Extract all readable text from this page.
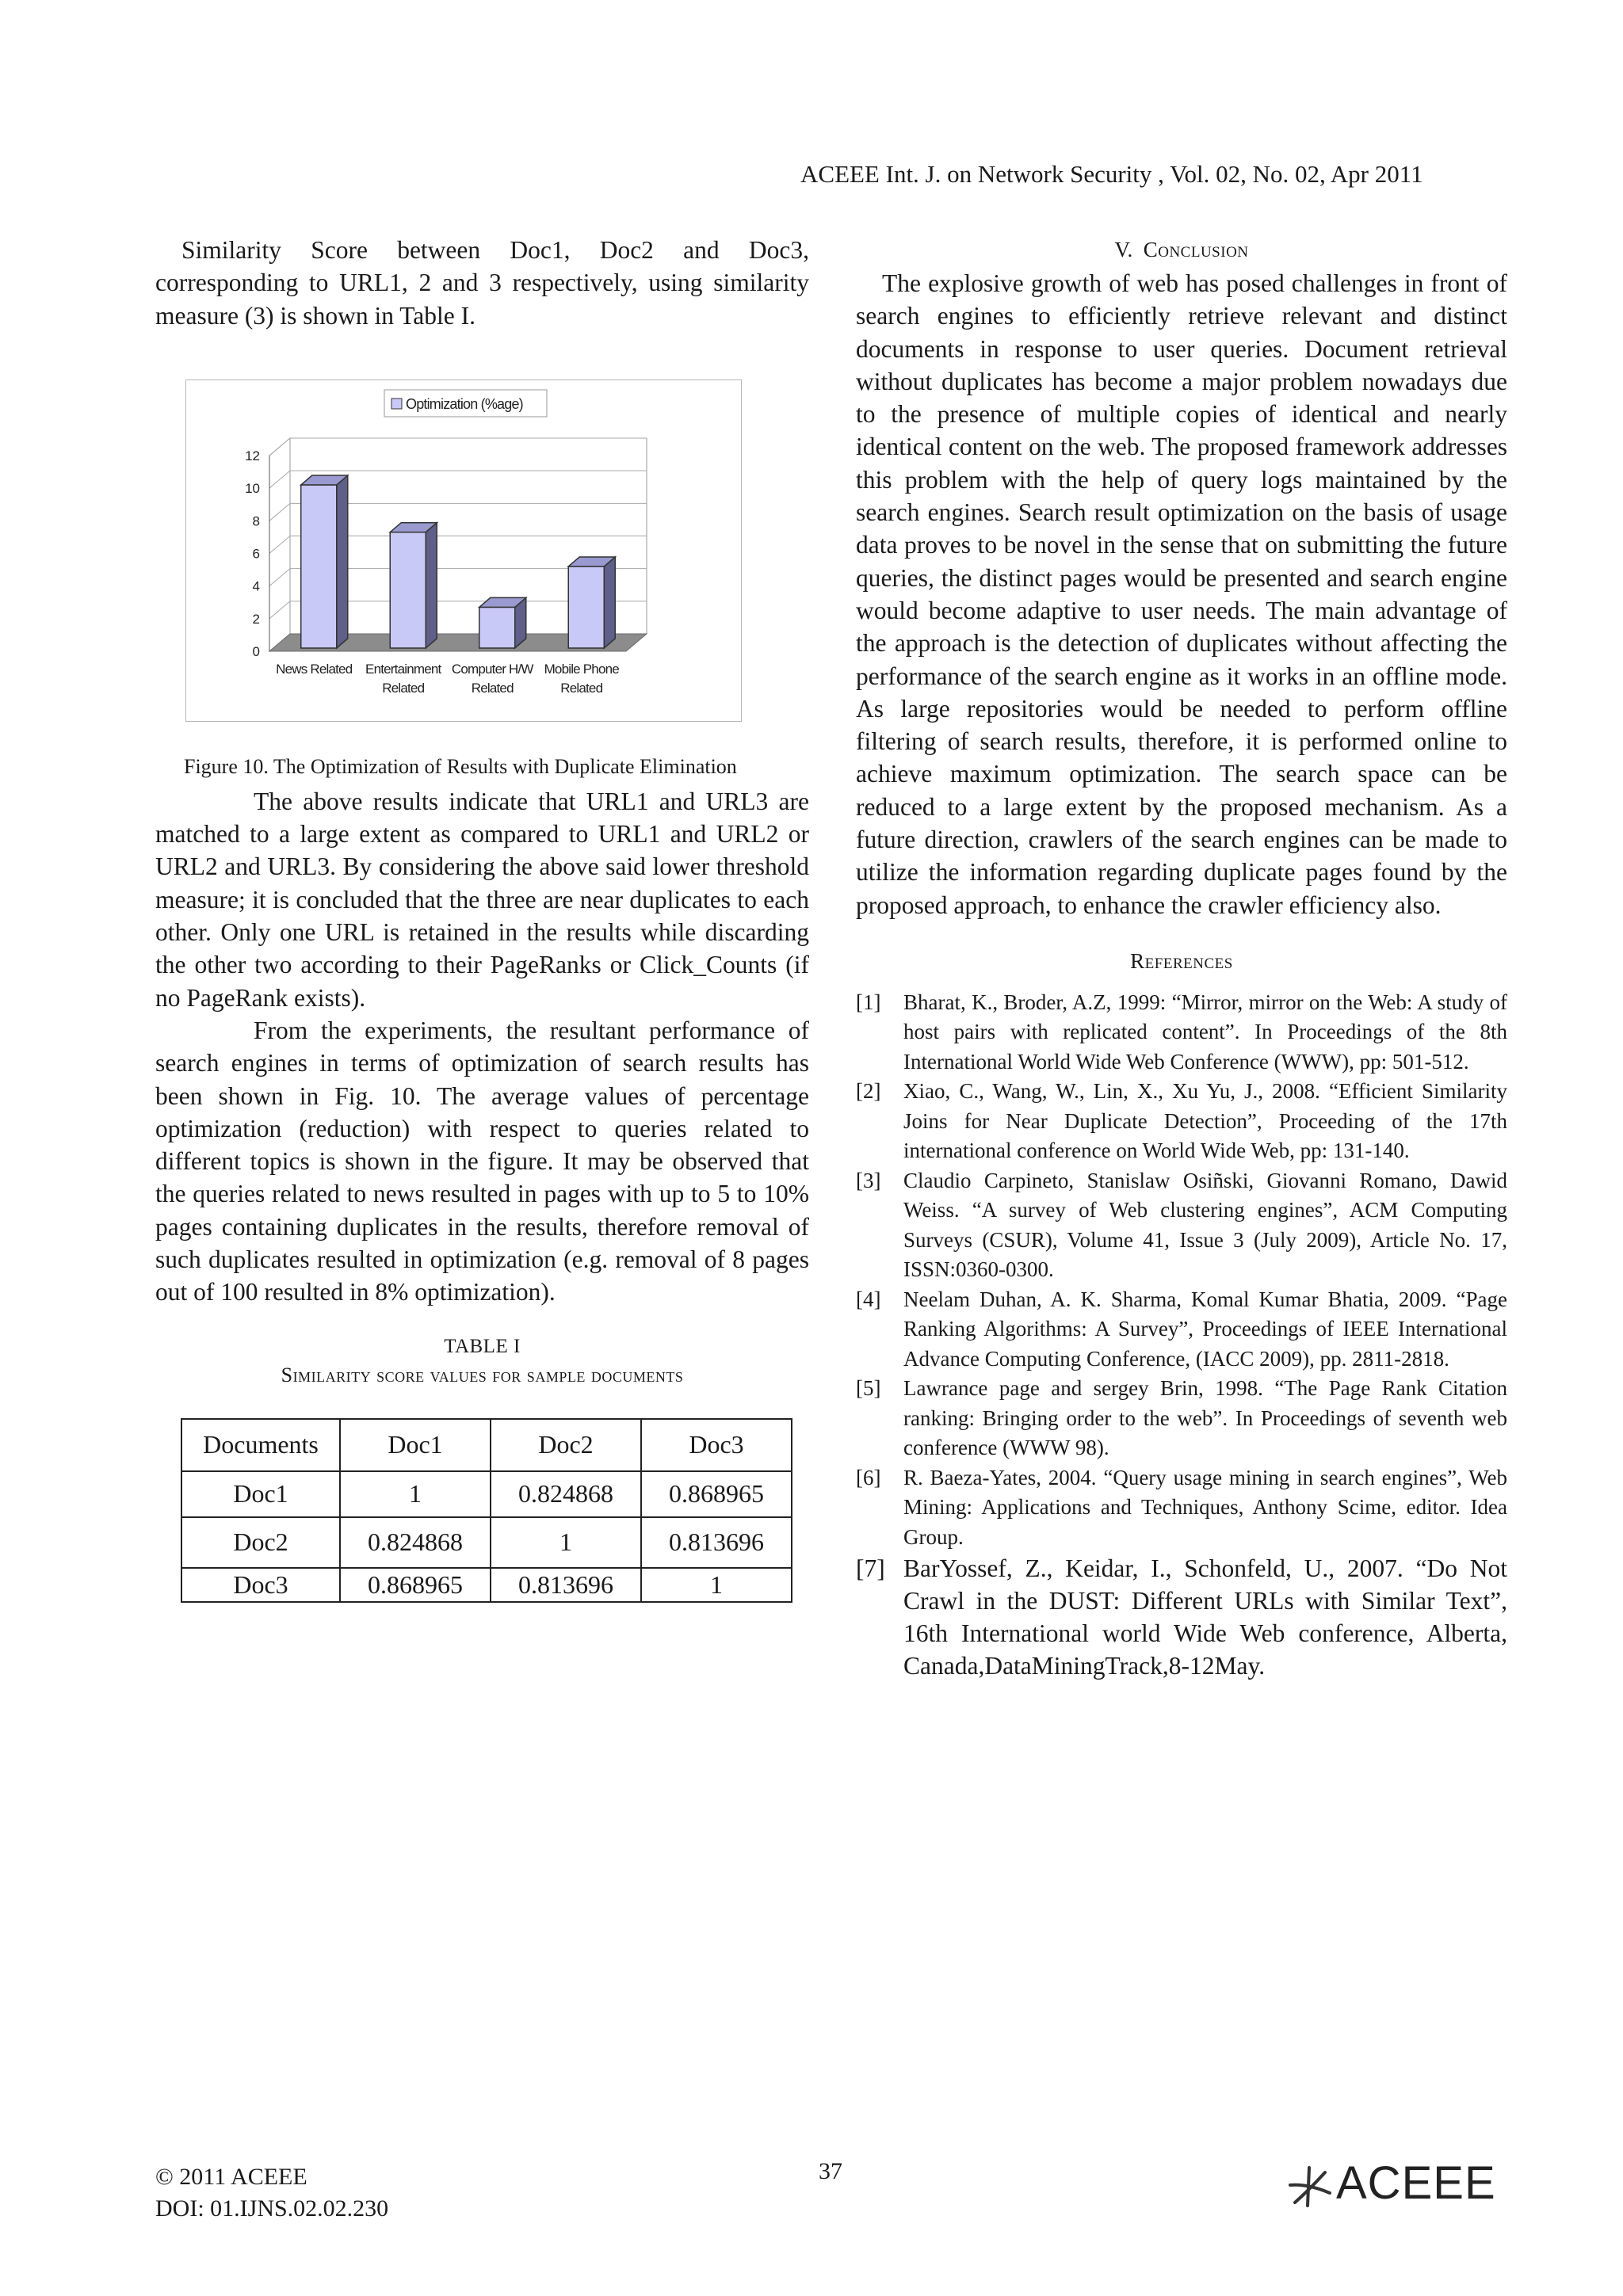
ACEEE Int. J. on Network Security , Vol. 02, No. 02, Apr 2011

Similarity Score between Doc1, Doc2 and Doc3, corresponding to URL1, 2 and 3 respectively, using similarity measure (3) is shown in Table I.

0
2
4
6
8
10
12
News Related Entertainment
Related
Computer H/W
Related
Mobile Phone
Related
Optimization (%age)
Figure 10. The Optimization of Results with Duplicate Elimination

The above results indicate that URL1 and URL3 are matched to a large extent as compared to URL1 and URL2 or URL2 and URL3. By considering the above said lower threshold measure; it is concluded that the three are near duplicates to each other. Only one URL is retained in the results while discarding the other two according to their PageRanks or Click_Counts (if no PageRank exists).

From the experiments, the resultant performance of search engines in terms of optimization of search results has been shown in Fig. 10. The average values of percentage optimization (reduction) with respect to queries related to different topics is shown in the figure. It may be observed that the queries related to news resulted in pages with up to 5 to 10% pages containing duplicates in the results, therefore removal of such duplicates resulted in optimization (e.g. removal of 8 pages out of 100 resulted in 8% optimization).

TABLE I
Similarity score values for sample documents
Documents	Doc1	Doc2	Doc3
Doc1	1	0.824868	0.868965
Doc2	0.824868	1	0.813696
Doc3	0.868965	0.813696	1
V. Conclusion

The explosive growth of web has posed challenges in front of search engines to efficiently retrieve relevant and distinct documents in response to user queries. Document retrieval without duplicates has become a major problem nowadays due to the presence of multiple copies of identical and nearly identical content on the web. The proposed framework addresses this problem with the help of query logs maintained by the search engines. Search result optimization on the basis of usage data proves to be novel in the sense that on submitting the future queries, the distinct pages would be presented and search engine would become adaptive to user needs. The main advantage of the approach is the detection of duplicates without affecting the performance of the search engine as it works in an offline mode. As large repositories would be needed to perform offline filtering of search results, therefore, it is performed online to achieve maximum optimization. The search space can be reduced to a large extent by the proposed mechanism. As a future direction, crawlers of the search engines can be made to utilize the information regarding duplicate pages found by the proposed approach, to enhance the crawler efficiency also.

References
[1]	Bharat, K., Broder, A.Z, 1999: “Mirror, mirror on the Web: A study of host pairs with replicated content”. In Proceedings of the 8th International World Wide Web Conference (WWW), pp: 501-512.
[2]	Xiao, C., Wang, W., Lin, X., Xu Yu, J., 2008. “Efficient Similarity Joins for Near Duplicate Detection”, Proceeding of the 17th international conference on World Wide Web, pp: 131-140.
[3]	Claudio Carpineto, Stanislaw Osiñski, Giovanni Romano, Dawid Weiss. “A survey of Web clustering engines”, ACM Computing Surveys (CSUR), Volume 41, Issue 3 (July 2009), Article No. 17, ISSN:0360-0300.
[4]	Neelam Duhan, A. K. Sharma, Komal Kumar Bhatia, 2009. “Page Ranking Algorithms: A Survey”, Proceedings of IEEE International Advance Computing Conference, (IACC 2009), pp. 2811-2818.
[5]	Lawrance page and sergey Brin, 1998. “The Page Rank Citation ranking: Bringing order to the web”. In Proceedings of seventh web conference (WWW 98).
[6]	R. Baeza-Yates, 2004. “Query usage mining in search engines”, Web Mining: Applications and Techniques, Anthony Scime, editor. Idea Group.
[7] BarYossef, Z., Keidar, I., Schonfeld, U., 2007. “Do Not Crawl in the DUST: Different URLs with Similar Text”, 16th International world Wide Web conference, Alberta, Canada,DataMiningTrack,8-12May.
© 2011 ACEEE
DOI: 01.IJNS.02.02.230
37	ACEEE
